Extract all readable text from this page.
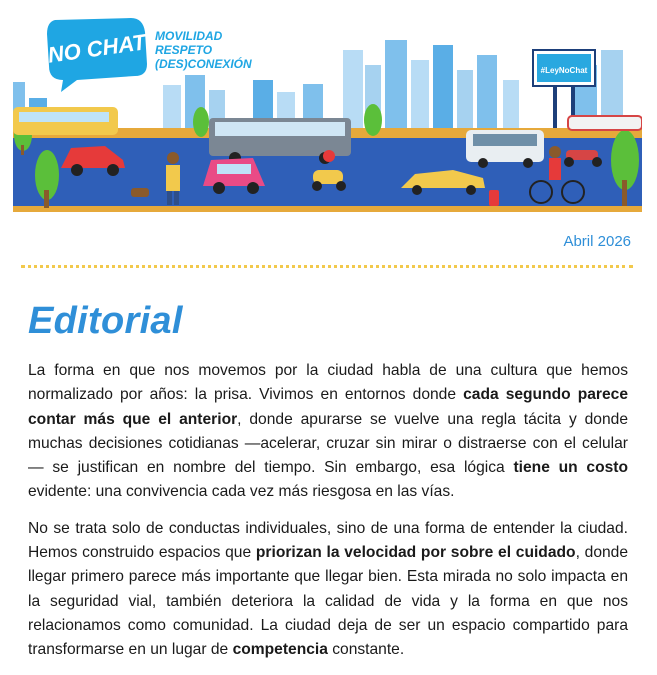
#LeyNoChat
NO CHAT MOVILIDAD
RESPETO
(DES)CONEXIÓN
Abril 2026
Editorial

La forma en que nos movemos por la ciudad habla de una cultura que hemos normalizado por años: la prisa. Vivimos en entornos donde cada segundo parece contar más que el anterior, donde apurarse se vuelve una regla tácita y donde muchas decisiones cotidianas —acelerar, cruzar sin mirar o distraerse con el celular — se justifican en nombre del tiempo. Sin embargo, esa lógica tiene un costo evidente: una convivencia cada vez más riesgosa en las vías.

No se trata solo de conductas individuales, sino de una forma de entender la ciudad. Hemos construido espacios que priorizan la velocidad por sobre el cuidado, donde llegar primero parece más importante que llegar bien. Esta mirada no solo impacta en la seguridad vial, también deteriora la calidad de vida y la forma en que nos relacionamos como comunidad. La ciudad deja de ser un espacio compartido para transformarse en un lugar de competencia constante.
